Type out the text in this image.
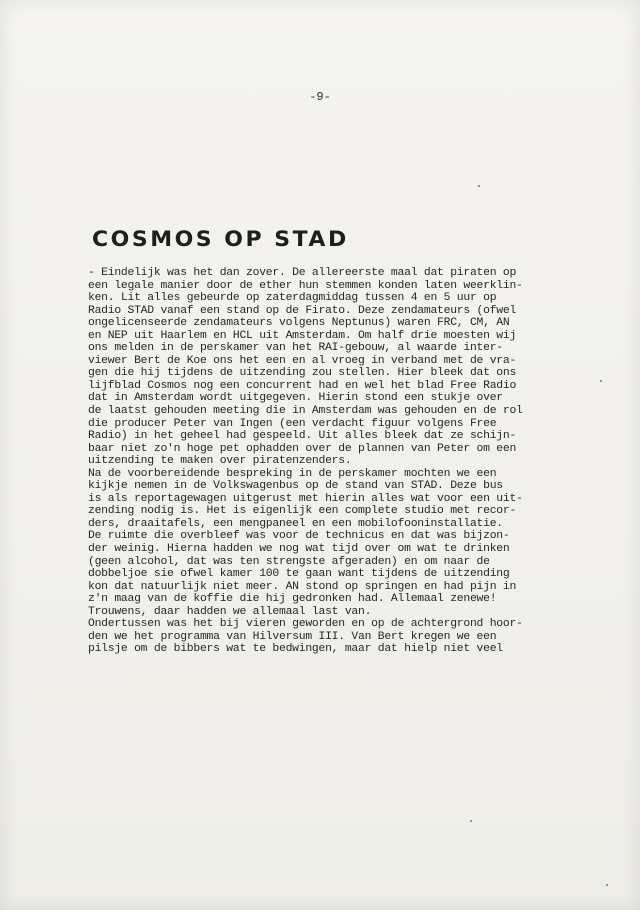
-9-
COSMOS OP STAD
- Eindelijk was het dan zover. De allereerste maal dat piraten op
een legale manier door de ether hun stemmen konden laten weerklin-
ken. Lit alles gebeurde op zaterdagmiddag tussen 4 en 5 uur op
Radio STAD vanaf een stand op de Firato. Deze zendamateurs (ofwel
ongelicenseerde zendamateurs volgens Neptunus) waren FRC, CM, AN
en NEP uit Haarlem en HCL uit Amsterdam. Om half drie moesten wij
ons melden in de perskamer van het RAI-gebouw, al waarde inter-
viewer Bert de Koe ons het een en al vroeg in verband met de vra-
gen die hij tijdens de uitzending zou stellen. Hier bleek dat ons
lijfblad Cosmos nog een concurrent had en wel het blad Free Radio
dat in Amsterdam wordt uitgegeven. Hierin stond een stukje over
de laatst gehouden meeting die in Amsterdam was gehouden en de rol
die producer Peter van Ingen (een verdacht figuur volgens Free
Radio) in het geheel had gespeeld. Uit alles bleek dat ze schijn-
baar niet zo'n hoge pet ophadden over de plannen van Peter om een
uitzending te maken over piratenzenders.
Na de voorbereidende bespreking in de perskamer mochten we een
kijkje nemen in de Volkswagenbus op de stand van STAD. Deze bus
is als reportagewagen uitgerust met hierin alles wat voor een uit-
zending nodig is. Het is eigenlijk een complete studio met recor-
ders, draaitafels, een mengpaneel en een mobilofooninstallatie.
De ruimte die overbleef was voor de technicus en dat was bijzon-
der weinig. Hierna hadden we nog wat tijd over om wat te drinken
(geen alcohol, dat was ten strengste afgeraden) en om naar de
dobbeljoe sie ofwel kamer 100 te gaan want tijdens de uitzending
kon dat natuurlijk niet meer. AN stond op springen en had pijn in
z'n maag van de koffie die hij gedronken had. Allemaal zenewe!
Trouwens, daar hadden we allemaal last van.
Ondertussen was het bij vieren geworden en op de achtergrond hoor-
den we het programma van Hilversum III. Van Bert kregen we een
pilsje om de bibbers wat te bedwingen, maar dat hielp niet veel
